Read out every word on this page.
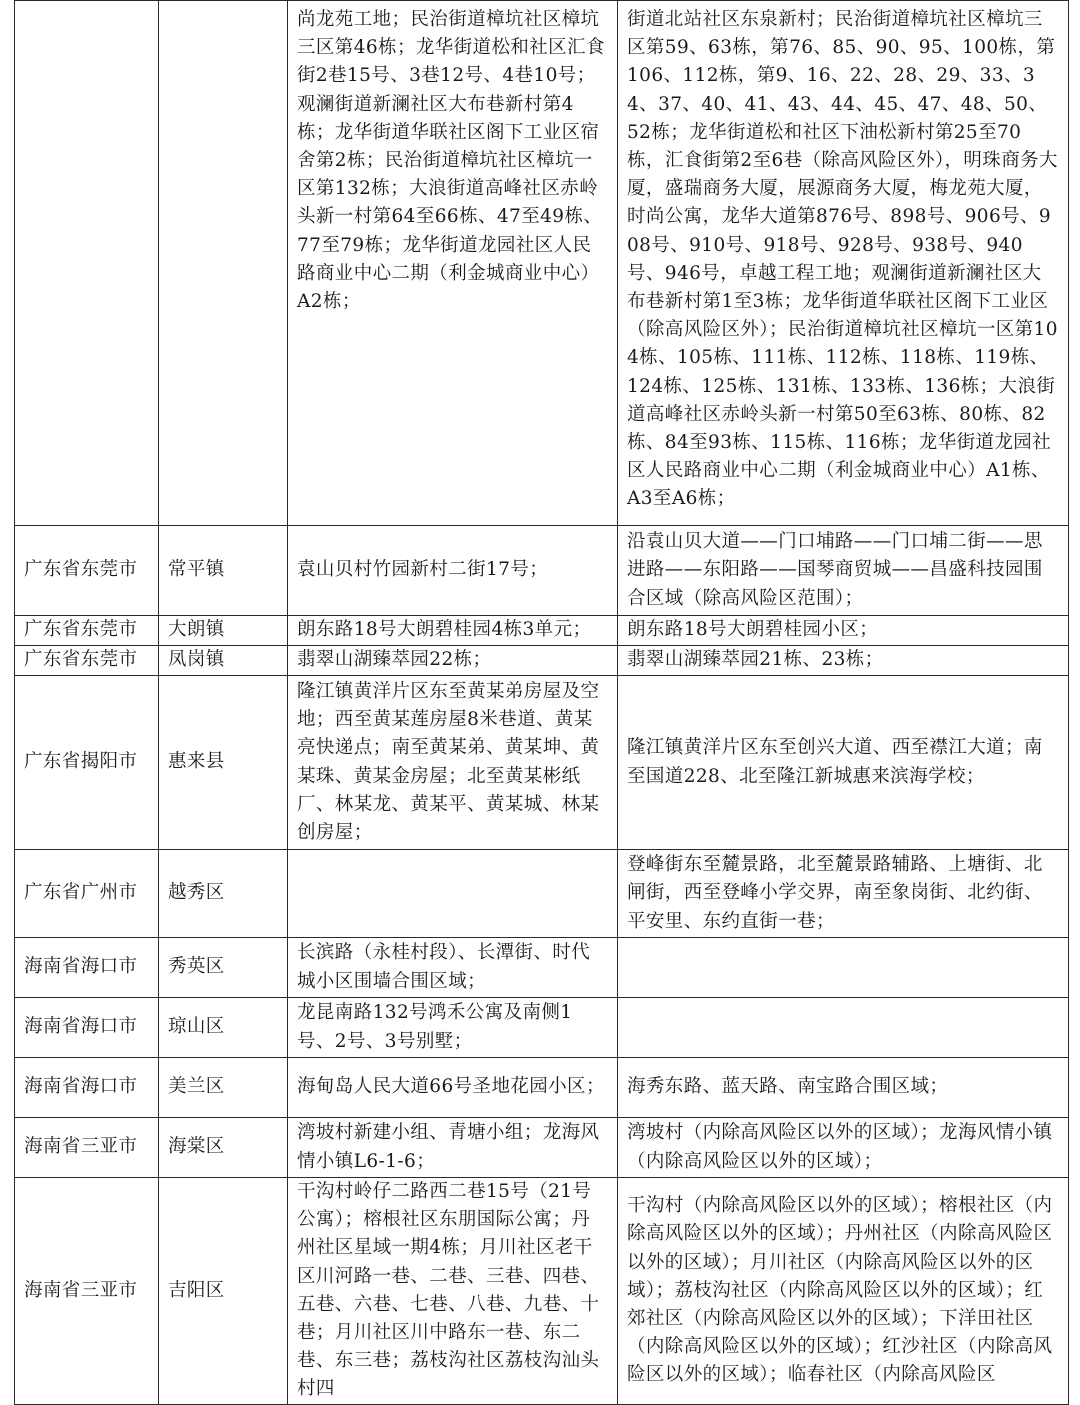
		尚龙苑工地；民治街道樟坑社区樟坑三区第46栋；龙华街道松和社区汇食街2巷15号、3巷12号、4巷10号；观澜街道新澜社区大布巷新村第4栋；龙华街道华联社区阁下工业区宿舍第2栋；民治街道樟坑社区樟坑一区第132栋；大浪街道高峰社区赤岭头新一村第64至66栋、47至49栋、77至79栋；龙华街道龙园社区人民路商业中心二期（利金城商业中心）A2栋；	街道北站社区东泉新村；民治街道樟坑社区樟坑三区第59、63栋，第76、85、90、95、100栋，第106、112栋，第9、16、22、28、29、33、34、37、40、41、43、44、45、47、48、50、52栋；龙华街道松和社区下油松新村第25至70栋，汇食街第2至6巷（除高风险区外），明珠商务大厦，盛瑞商务大厦，展源商务大厦，梅龙苑大厦，时尚公寓，龙华大道第876号、898号、906号、908号、910号、918号、928号、938号、940号、946号，卓越工程工地；观澜街道新澜社区大布巷新村第1至3栋；龙华街道华联社区阁下工业区（除高风险区外）；民治街道樟坑社区樟坑一区第104栋、105栋、111栋、112栋、118栋、119栋、124栋、125栋、131栋、133栋、136栋；大浪街道高峰社区赤岭头新一村第50至63栋、80栋、82栋、84至93栋、115栋、116栋；龙华街道龙园社区人民路商业中心二期（利金城商业中心）A1栋、A3至A6栋；
广东省东莞市	常平镇	袁山贝村竹园新村二街17号；	沿袁山贝大道——门口埔路——门口埔二街——思进路——东阳路——国琴商贸城——昌盛科技园围合区域（除高风险区范围）；
广东省东莞市	大朗镇	朗东路18号大朗碧桂园4栋3单元；	朗东路18号大朗碧桂园小区；
广东省东莞市	凤岗镇	翡翠山湖臻萃园22栋；	翡翠山湖臻萃园21栋、23栋；
广东省揭阳市	惠来县	隆江镇黄洋片区东至黄某弟房屋及空地；西至黄某莲房屋8米巷道、黄某亮快递点；南至黄某弟、黄某坤、黄某珠、黄某金房屋；北至黄某彬纸厂、林某龙、黄某平、黄某城、林某创房屋；	隆江镇黄洋片区东至创兴大道、西至襟江大道；南至国道228、北至隆江新城惠来滨海学校；
广东省广州市	越秀区		登峰街东至麓景路，北至麓景路辅路、上塘街、北闸街，西至登峰小学交界，南至象岗街、北约街、平安里、东约直街一巷；
海南省海口市	秀英区	长滨路（永桂村段）、长潭街、时代城小区围墙合围区域；	
海南省海口市	琼山区	龙昆南路132号鸿禾公寓及南侧1号、2号、3号别墅；	
海南省海口市	美兰区	海甸岛人民大道66号圣地花园小区；	海秀东路、蓝天路、南宝路合围区域；
海南省三亚市	海棠区	湾坡村新建小组、青塘小组；龙海风情小镇L6-1-6；	湾坡村（内除高风险区以外的区域）；龙海风情小镇（内除高风险区以外的区域）；
海南省三亚市	吉阳区	干沟村岭仔二路西二巷15号（21号公寓）；榕根社区东朋国际公寓；丹州社区星域一期4栋；月川社区老干区川河路一巷、二巷、三巷、四巷、五巷、六巷、七巷、八巷、九巷、十巷；月川社区川中路东一巷、东二巷、东三巷；荔枝沟社区荔枝沟汕头村四	干沟村（内除高风险区以外的区域）；榕根社区（内除高风险区以外的区域）；丹州社区（内除高风险区以外的区域）；月川社区（内除高风险区以外的区域）；荔枝沟社区（内除高风险区以外的区域）；红郊社区（内除高风险区以外的区域）；下洋田社区（内除高风险区以外的区域）；红沙社区（内除高风险区以外的区域）；临春社区（内除高风险区
